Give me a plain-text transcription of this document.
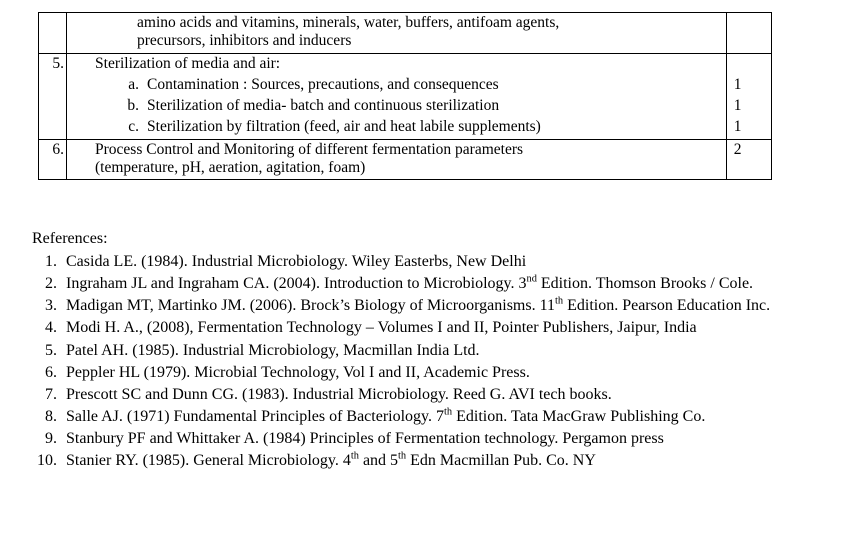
	amino acids and vitamins, minerals, water, buffers, antifoam agents,
precursors, inhibitors and inducers	

5.	Sterilization of media and air:	

	a. Contamination : Sources, precautions, and consequences	1

	b. Sterilization of media- batch and continuous sterilization	1

	c. Sterilization by filtration (feed, air and heat labile supplements)	1
6.	Process Control and Monitoring of different fermentation parameters
(temperature, pH, aeration, agitation, foam)	2

References:

1. Casida LE. (1984). Industrial Microbiology. Wiley Easterbs, New Delhi
2. Ingraham JL and Ingraham CA. (2004). Introduction to Microbiology. 3nd Edition. Thomson Brooks / Cole.
3. Madigan MT, Martinko JM. (2006). Brock’s Biology of Microorganisms. 11th Edition. Pearson Education Inc.
4. Modi H. A., (2008), Fermentation Technology – Volumes I and II, Pointer Publishers, Jaipur, India
5. Patel AH. (1985). Industrial Microbiology, Macmillan India Ltd.
6. Peppler HL (1979). Microbial Technology, Vol I and II, Academic Press.
7. Prescott SC and Dunn CG. (1983). Industrial Microbiology. Reed G. AVI tech books.
8. Salle AJ. (1971) Fundamental Principles of Bacteriology. 7th Edition. Tata MacGraw Publishing Co.
9. Stanbury PF and Whittaker A. (1984) Principles of Fermentation technology. Pergamon press
10. Stanier RY. (1985). General Microbiology. 4th and 5th Edn Macmillan Pub. Co. NY
